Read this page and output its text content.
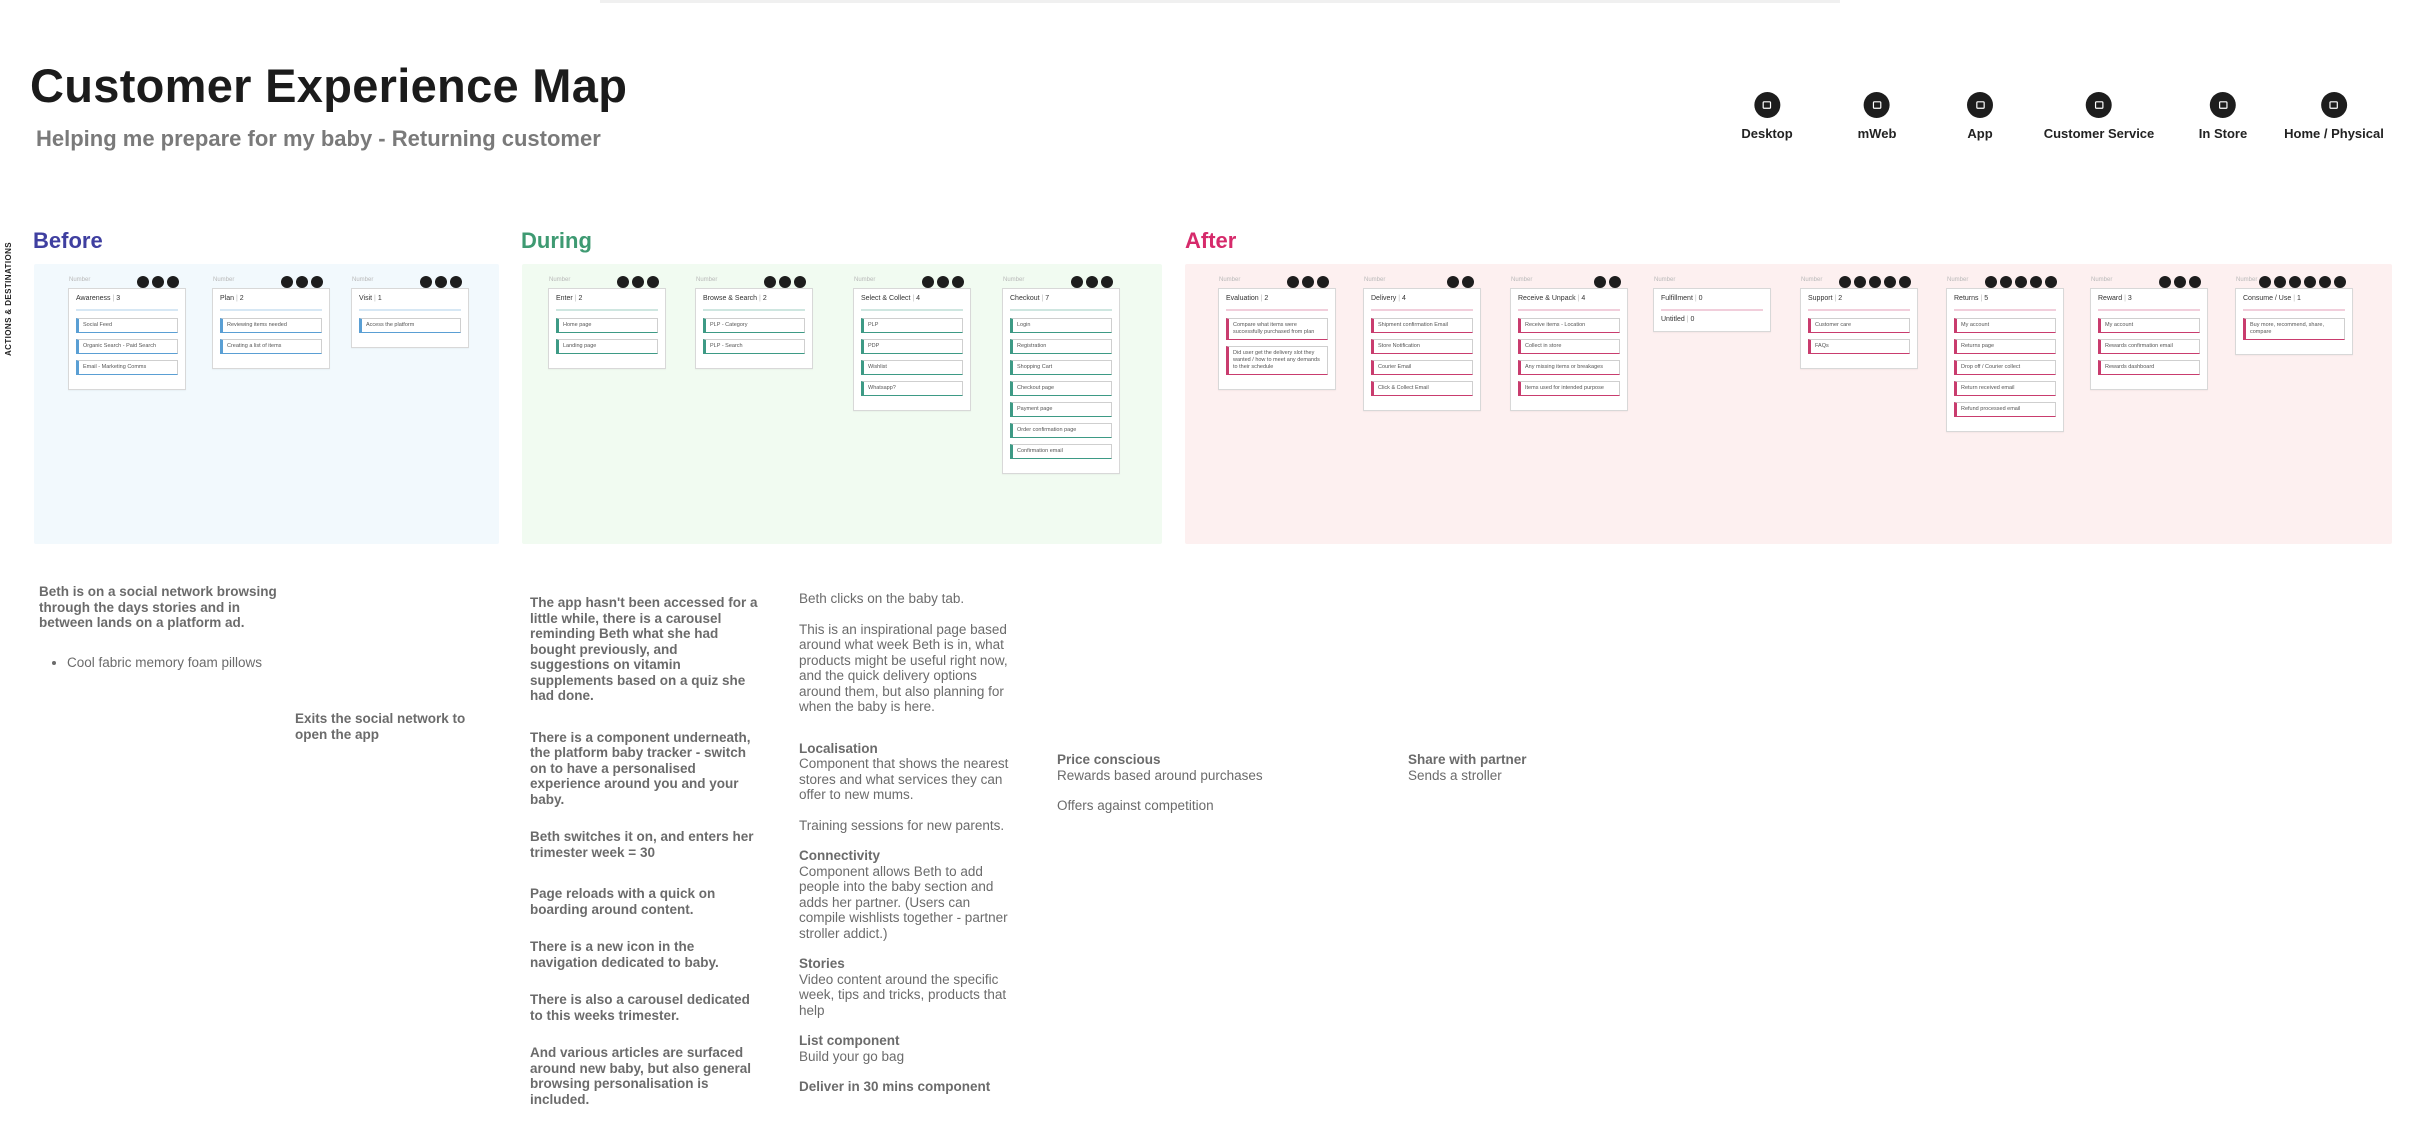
Customer Experience Map
Helping me prepare for my baby - Returning customer	Desktop	mWeb	App	Customer Service	In Store	Home / Physical
ACTIONS & DESTINATIONS
Before	During	After
Number
Awareness | 3
Social Feed
Organic Search - Paid Search
Email - Marketing Comms
Number
Plan | 2
Reviewing items needed
Creating a list of items
Number
Visit | 1
Access the platform
Number
Enter | 2
Home page
Landing page
Number
Browse & Search | 2
PLP - Category
PLP - Search
Number
Select & Collect | 4
PLP
PDP
Wishlist
Whatsapp?
Number
Checkout | 7
Login
Registration
Shopping Cart
Checkout page
Payment page
Order confirmation page
Confirmation email
Number
Evaluation | 2
Compare what items were successfully purchased from plan
Did user get the delivery slot they wanted / how to meet any demands to their schedule
Number
Delivery | 4
Shipment confirmation Email
Store Notification
Courier Email
Click & Collect Email
Number
Receive & Unpack | 4
Receive items - Location
Collect in store
Any missing items or breakages
Items used for intended purpose
Number
Fulfillment | 0
Untitled | 0
Number
Support | 2
Customer care
FAQs
Number
Returns | 5
My account
Returns page
Drop off / Courier collect
Return received email
Refund processed email
Number
Reward | 3
My account
Rewards confirmation email
Rewards dashboard
Number
Consume / Use | 1
Buy more, recommend, share, compare
Beth is on a social network browsing through the days stories and in between lands on a platform ad.
• Cool fabric memory foam pillows
Exits the social network to open the app
The app hasn't been accessed for a little while, there is a carousel reminding Beth what she had bought previously, and suggestions on vitamin supplements based on a quiz she had done.
There is a component underneath, the platform baby tracker - switch on to have a personalised experience around you and your baby.
Beth switches it on, and enters her trimester week = 30
Page reloads with a quick on boarding around content.
There is a new icon in the navigation dedicated to baby.
There is also a carousel dedicated to this weeks trimester.
And various articles are surfaced around new baby, but also general browsing personalisation is included.
Beth clicks on the baby tab.
This is an inspirational page based around what week Beth is in, what products might be useful right now, and the quick delivery options around them, but also planning for when the baby is here.
Localisation
Component that shows the nearest stores and what services they can offer to new mums.
Training sessions for new parents.
Connectivity
Component allows Beth to add people into the baby section and adds her partner. (Users can compile wishlists together - partner stroller addict.)
Stories
Video content around the specific week, tips and tricks, products that help
List component
Build your go bag
Deliver in 30 mins component
Price conscious
Rewards based around purchases
Offers against competition
Share with partner
Sends a stroller
